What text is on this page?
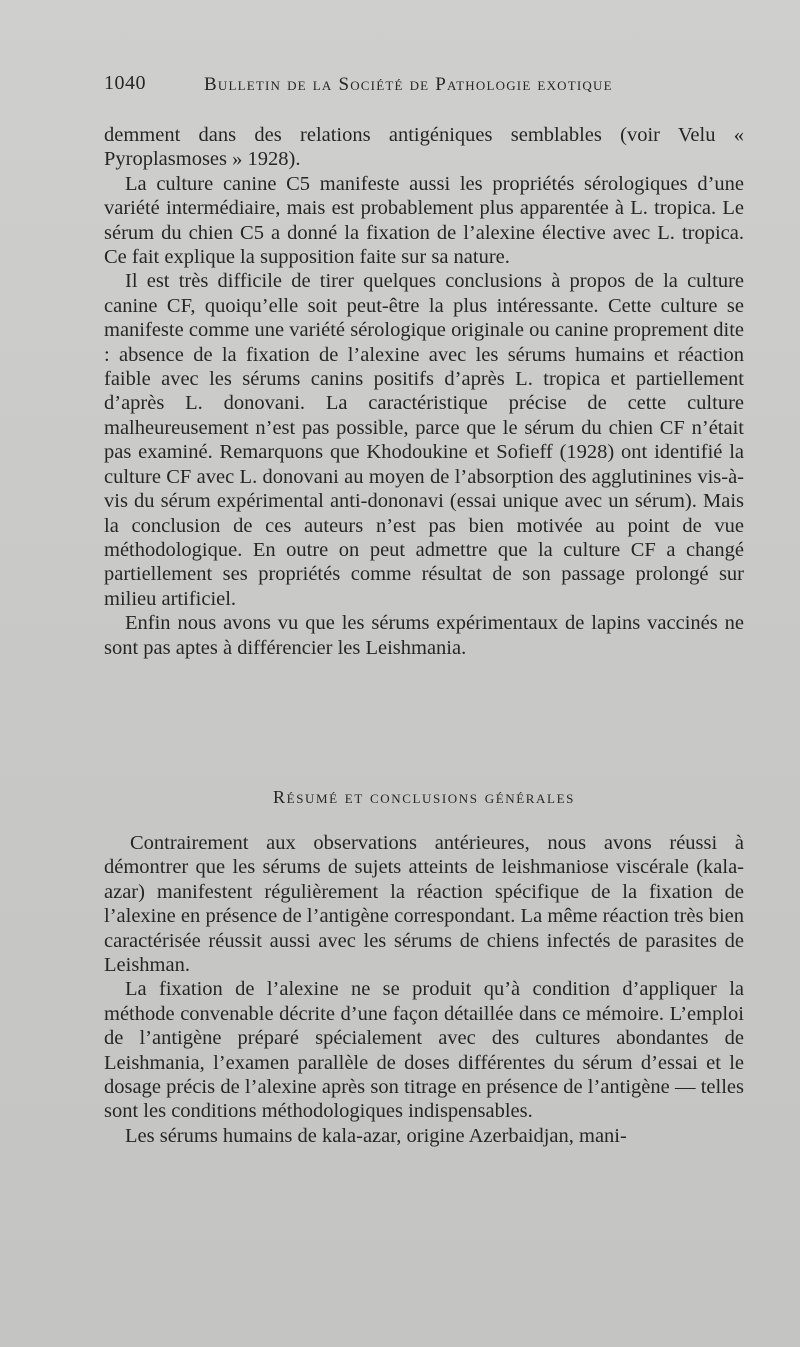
1040	Bulletin de la Société de Pathologie exotique

demment dans des relations antigéniques semblables (voir Velu « Pyroplasmoses » 1928).

La culture canine C5 manifeste aussi les propriétés sérologiques d’une variété intermédiaire, mais est probablement plus apparentée à L. tropica. Le sérum du chien C5 a donné la fixation de l’alexine élective avec L. tropica. Ce fait explique la supposition faite sur sa nature.

Il est très difficile de tirer quelques conclusions à propos de la culture canine CF, quoiqu’elle soit peut-être la plus intéressante. Cette culture se manifeste comme une variété sérologique originale ou canine proprement dite : absence de la fixation de l’alexine avec les sérums humains et réaction faible avec les sérums canins positifs d’après L. tropica et partiellement d’après L. donovani. La caractéristique précise de cette culture malheureusement n’est pas possible, parce que le sérum du chien CF n’était pas examiné. Remarquons que Khodoukine et Sofieff (1928) ont identifié la culture CF avec L. donovani au moyen de l’absorption des agglutinines vis-à-vis du sérum expérimental anti-dononavi (essai unique avec un sérum). Mais la conclusion de ces auteurs n’est pas bien motivée au point de vue méthodologique. En outre on peut admettre que la culture CF a changé partiellement ses propriétés comme résultat de son passage prolongé sur milieu artificiel.

Enfin nous avons vu que les sérums expérimentaux de lapins vaccinés ne sont pas aptes à différencier les Leishmania.

Résumé et conclusions générales

Contrairement aux observations antérieures, nous avons réussi à démontrer que les sérums de sujets atteints de leishmaniose viscérale (kala-azar) manifestent régulièrement la réaction spécifique de la fixation de l’alexine en présence de l’antigène correspondant. La même réaction très bien caractérisée réussit aussi avec les sérums de chiens infectés de parasites de Leishman.

La fixation de l’alexine ne se produit qu’à condition d’appliquer la méthode convenable décrite d’une façon détaillée dans ce mémoire. L’emploi de l’antigène préparé spécialement avec des cultures abondantes de Leishmania, l’examen parallèle de doses différentes du sérum d’essai et le dosage précis de l’alexine après son titrage en présence de l’antigène — telles sont les conditions méthodologiques indispensables.

Les sérums humains de kala-azar, origine Azerbaidjan, mani-
